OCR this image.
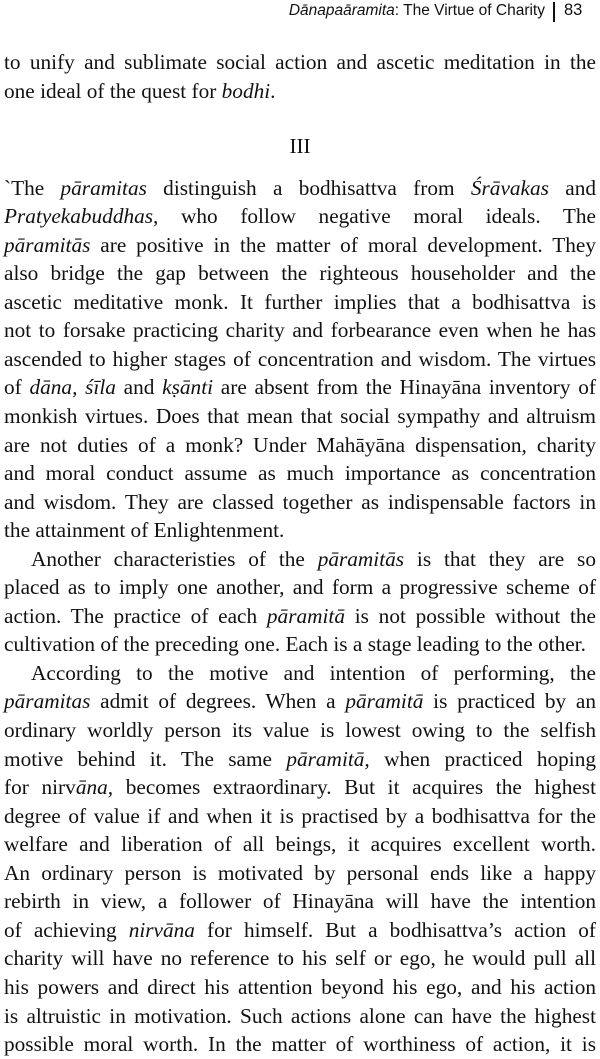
Dānapaāramita: The Virtue of Charity 83
to unify and sublimate social action and ascetic meditation in the
one ideal of the quest for bodhi.
III
`The pāramitas distinguish a bodhisattva from Śrāvakas and
Pratyekabuddhas, who follow negative moral ideals. The
pāramitās are positive in the matter of moral development. They
also bridge the gap between the righteous householder and the
ascetic meditative monk. It further implies that a bodhisattva is
not to forsake practicing charity and forbearance even when he has
ascended to higher stages of concentration and wisdom. The virtues
of dāna, śīla and kṣānti are absent from the Hinayāna inventory of
monkish virtues. Does that mean that social sympathy and altruism
are not duties of a monk? Under Mahāyāna dispensation, charity
and moral conduct assume as much importance as concentration
and wisdom. They are classed together as indispensable factors in
the attainment of Enlightenment.
Another characteristies of the pāramitās is that they are so
placed as to imply one another, and form a progressive scheme of
action. The practice of each pāramitā is not possible without the
cultivation of the preceding one. Each is a stage leading to the other.
According to the motive and intention of performing, the
pāramitas admit of degrees. When a pāramitā is practiced by an
ordinary worldly person its value is lowest owing to the selfish
motive behind it. The same pāramitā, when practiced hoping
for nirvāna, becomes extraordinary. But it acquires the highest
degree of value if and when it is practised by a bodhisattva for the
welfare and liberation of all beings, it acquires excellent worth.
An ordinary person is motivated by personal ends like a happy
rebirth in view, a follower of Hinayāna will have the intention
of achieving nirvāna for himself. But a bodhisattva’s action of
charity will have no reference to his self or ego, he would pull all
his powers and direct his attention beyond his ego, and his action
is altruistic in motivation. Such actions alone can have the highest
possible moral worth. In the matter of worthiness of action, it is
